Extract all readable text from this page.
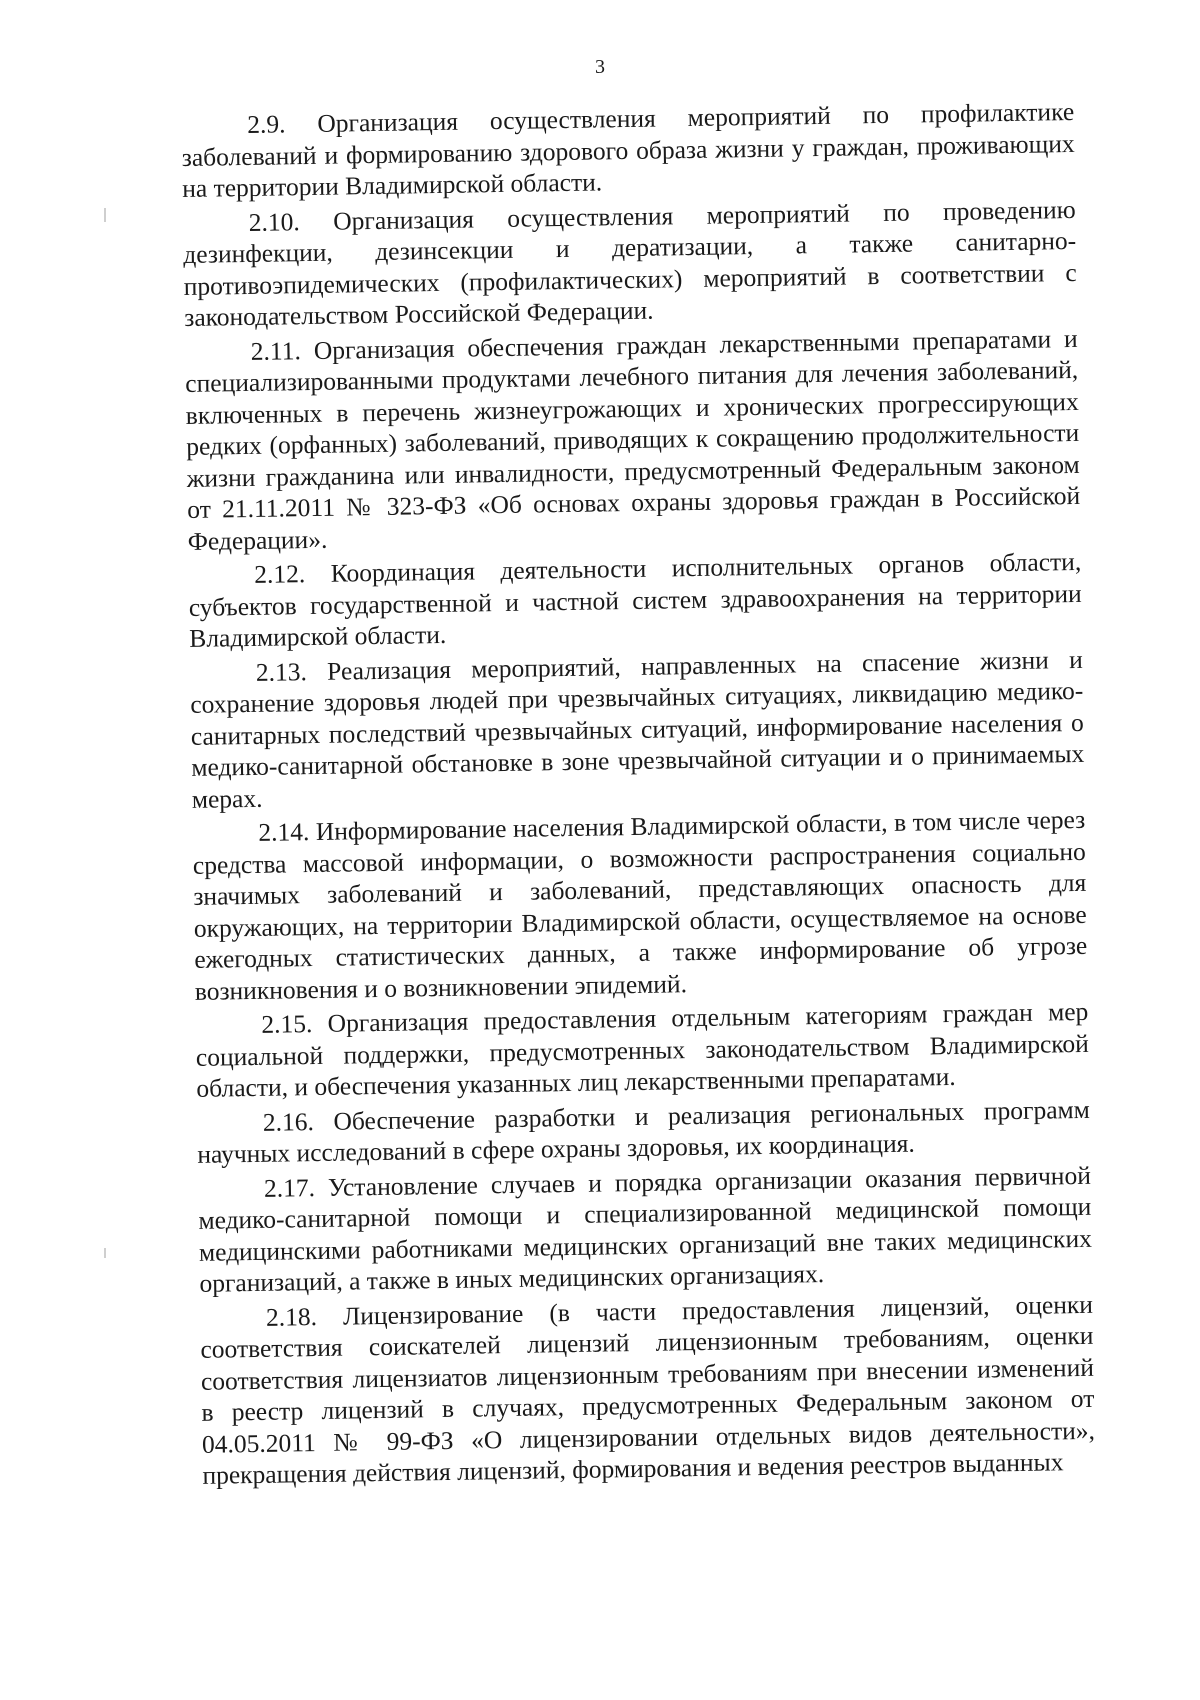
3

2.9. Организация осуществления мероприятий по профилактике заболеваний и формированию здорового образа жизни у граждан, проживающих на территории Владимирской области.

2.10. Организация осуществления мероприятий по проведению дезинфекции, дезинсекции и дератизации, а также санитарно-противоэпидемических (профилактических) мероприятий в соответствии с законодательством Российской Федерации.

2.11. Организация обеспечения граждан лекарственными препаратами и специализированными продуктами лечебного питания для лечения заболеваний, включенных в перечень жизнеугрожающих и хронических прогрессирующих редких (орфанных) заболеваний, приводящих к сокращению продолжительности жизни гражданина или инвалидности, предусмотренный Федеральным законом от 21.11.2011 № 323-ФЗ «Об основах охраны здоровья граждан в Российской Федерации».

2.12. Координация деятельности исполнительных органов области, субъектов государственной и частной систем здравоохранения на территории Владимирской области.

2.13. Реализация мероприятий, направленных на спасение жизни и сохранение здоровья людей при чрезвычайных ситуациях, ликвидацию медико-санитарных последствий чрезвычайных ситуаций, информирование населения о медико-санитарной обстановке в зоне чрезвычайной ситуации и о принимаемых мерах.

2.14. Информирование населения Владимирской области, в том числе через средства массовой информации, о возможности распространения социально значимых заболеваний и заболеваний, представляющих опасность для окружающих, на территории Владимирской области, осуществляемое на основе ежегодных статистических данных, а также информирование об угрозе возникновения и о возникновении эпидемий.

2.15. Организация предоставления отдельным категориям граждан мер социальной поддержки, предусмотренных законодательством Владимирской области, и обеспечения указанных лиц лекарственными препаратами.

2.16. Обеспечение разработки и реализация региональных программ научных исследований в сфере охраны здоровья, их координация.

2.17. Установление случаев и порядка организации оказания первичной медико-санитарной помощи и специализированной медицинской помощи медицинскими работниками медицинских организаций вне таких медицинских организаций, а также в иных медицинских организациях.

2.18. Лицензирование (в части предоставления лицензий, оценки соответствия соискателей лицензий лицензионным требованиям, оценки соответствия лицензиатов лицензионным требованиям при внесении изменений в реестр лицензий в случаях, предусмотренных Федеральным законом от 04.05.2011 № 99-ФЗ «О лицензировании отдельных видов деятельности», прекращения действия лицензий, формирования и ведения реестров выданных
